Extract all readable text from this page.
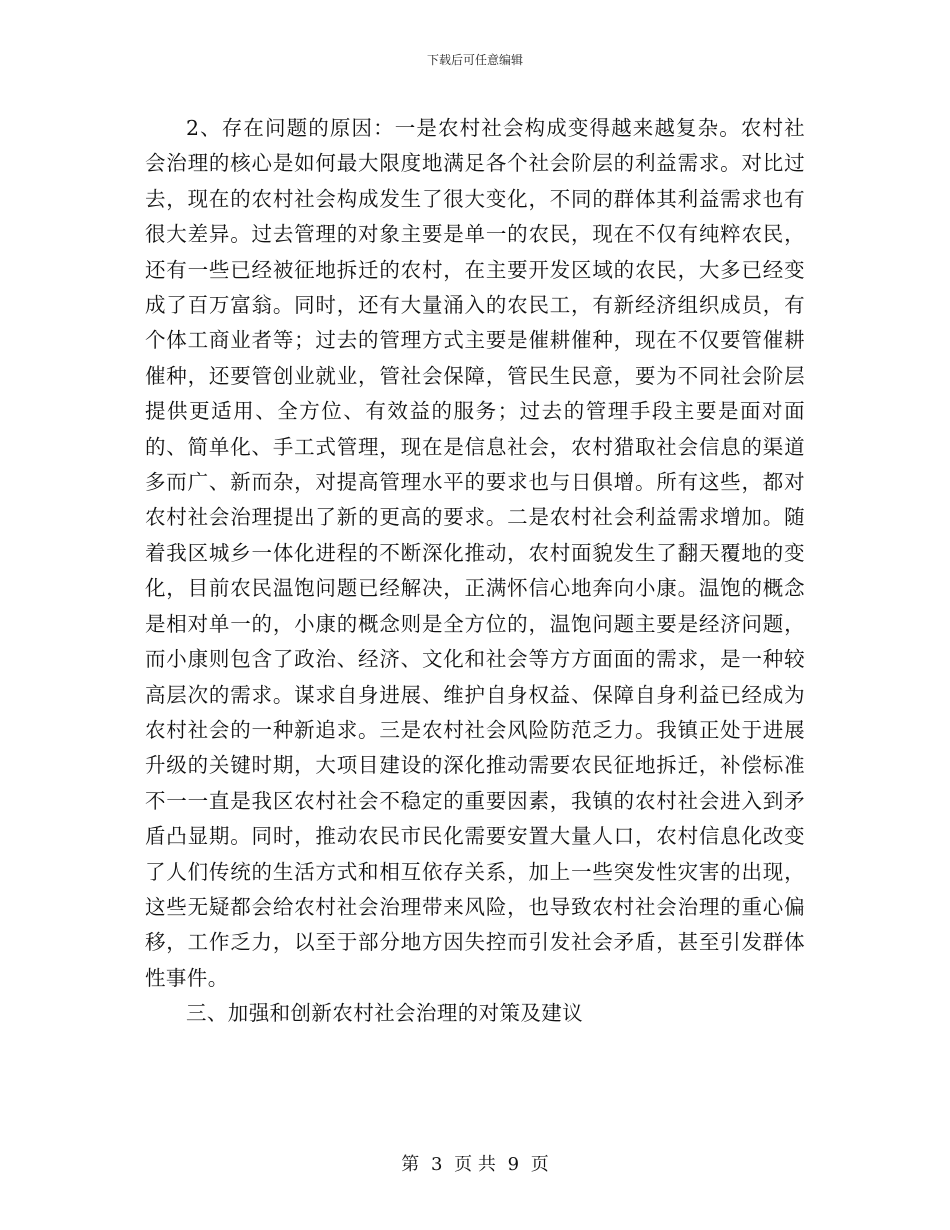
下载后可任意编辑

2、存在问题的原因：一是农村社会构成变得越来越复杂。农村社会治理的核心是如何最大限度地满足各个社会阶层的利益需求。对比过去，现在的农村社会构成发生了很大变化，不同的群体其利益需求也有很大差异。过去管理的对象主要是单一的农民，现在不仅有纯粹农民，还有一些已经被征地拆迁的农村，在主要开发区域的农民，大多已经变成了百万富翁。同时，还有大量涌入的农民工，有新经济组织成员，有个体工商业者等；过去的管理方式主要是催耕催种，现在不仅要管催耕催种，还要管创业就业，管社会保障，管民生民意，要为不同社会阶层提供更适用、全方位、有效益的服务；过去的管理手段主要是面对面的、简单化、手工式管理，现在是信息社会，农村猎取社会信息的渠道多而广、新而杂，对提高管理水平的要求也与日俱增。所有这些，都对农村社会治理提出了新的更高的要求。二是农村社会利益需求增加。随着我区城乡一体化进程的不断深化推动，农村面貌发生了翻天覆地的变化，目前农民温饱问题已经解决，正满怀信心地奔向小康。温饱的概念是相对单一的，小康的概念则是全方位的，温饱问题主要是经济问题，而小康则包含了政治、经济、文化和社会等方方面面的需求，是一种较高层次的需求。谋求自身进展、维护自身权益、保障自身利益已经成为农村社会的一种新追求。三是农村社会风险防范乏力。我镇正处于进展升级的关键时期，大项目建设的深化推动需要农民征地拆迁，补偿标准不一一直是我区农村社会不稳定的重要因素，我镇的农村社会进入到矛盾凸显期。同时，推动农民市民化需要安置大量人口，农村信息化改变了人们传统的生活方式和相互依存关系，加上一些突发性灾害的出现，这些无疑都会给农村社会治理带来风险，也导致农村社会治理的重心偏移，工作乏力，以至于部分地方因失控而引发社会矛盾，甚至引发群体性事件。

三、加强和创新农村社会治理的对策及建议

第 3 页 共 9 页
